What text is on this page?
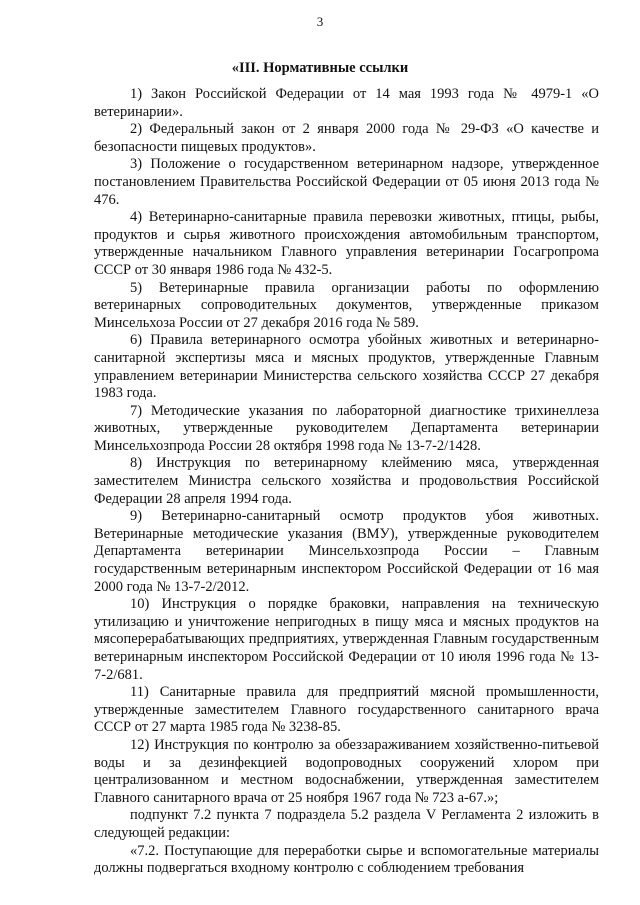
3
«III. Нормативные ссылки

1) Закон Российской Федерации от 14 мая 1993 года № 4979-1 «О ветеринарии».

2) Федеральный закон от 2 января 2000 года № 29-ФЗ «О качестве и безопасности пищевых продуктов».

3) Положение о государственном ветеринарном надзоре, утвержденное постановлением Правительства Российской Федерации от 05 июня 2013 года № 476.

4) Ветеринарно-санитарные правила перевозки животных, птицы, рыбы, продуктов и сырья животного происхождения автомобильным транспортом, утвержденные начальником Главного управления ветеринарии Госагропрома СССР от 30 января 1986 года № 432-5.

5) Ветеринарные правила организации работы по оформлению ветеринарных сопроводительных документов, утвержденные приказом Минсельхоза России от 27 декабря 2016 года № 589.

6) Правила ветеринарного осмотра убойных животных и ветеринарно-санитарной экспертизы мяса и мясных продуктов, утвержденные Главным управлением ветеринарии Министерства сельского хозяйства СССР 27 декабря 1983 года.

7) Методические указания по лабораторной диагностике трихинеллеза животных, утвержденные руководителем Департамента ветеринарии Минсельхозпрода России 28 октября 1998 года № 13-7-2/1428.

8) Инструкция по ветеринарному клеймению мяса, утвержденная заместителем Министра сельского хозяйства и продовольствия Российской Федерации 28 апреля 1994 года.

9) Ветеринарно-санитарный осмотр продуктов убоя животных. Ветеринарные методические указания (ВМУ), утвержденные руководителем Департамента ветеринарии Минсельхозпрода России – Главным государственным ветеринарным инспектором Российской Федерации от 16 мая 2000 года № 13-7-2/2012.

10) Инструкция о порядке браковки, направления на техническую утилизацию и уничтожение непригодных в пищу мяса и мясных продуктов на мясоперерабатывающих предприятиях, утвержденная Главным государственным ветеринарным инспектором Российской Федерации от 10 июля 1996 года № 13-7-2/681.

11) Санитарные правила для предприятий мясной промышленности, утвержденные заместителем Главного государственного санитарного врача СССР от 27 марта 1985 года № 3238-85.

12) Инструкция по контролю за обеззараживанием хозяйственно-питьевой воды и за дезинфекцией водопроводных сооружений хлором при централизованном и местном водоснабжении, утвержденная заместителем Главного санитарного врача от 25 ноября 1967 года № 723 а-67.»;

подпункт 7.2 пункта 7 подраздела 5.2 раздела V Регламента 2 изложить в следующей редакции:

«7.2. Поступающие для переработки сырье и вспомогательные материалы должны подвергаться входному контролю с соблюдением требования
